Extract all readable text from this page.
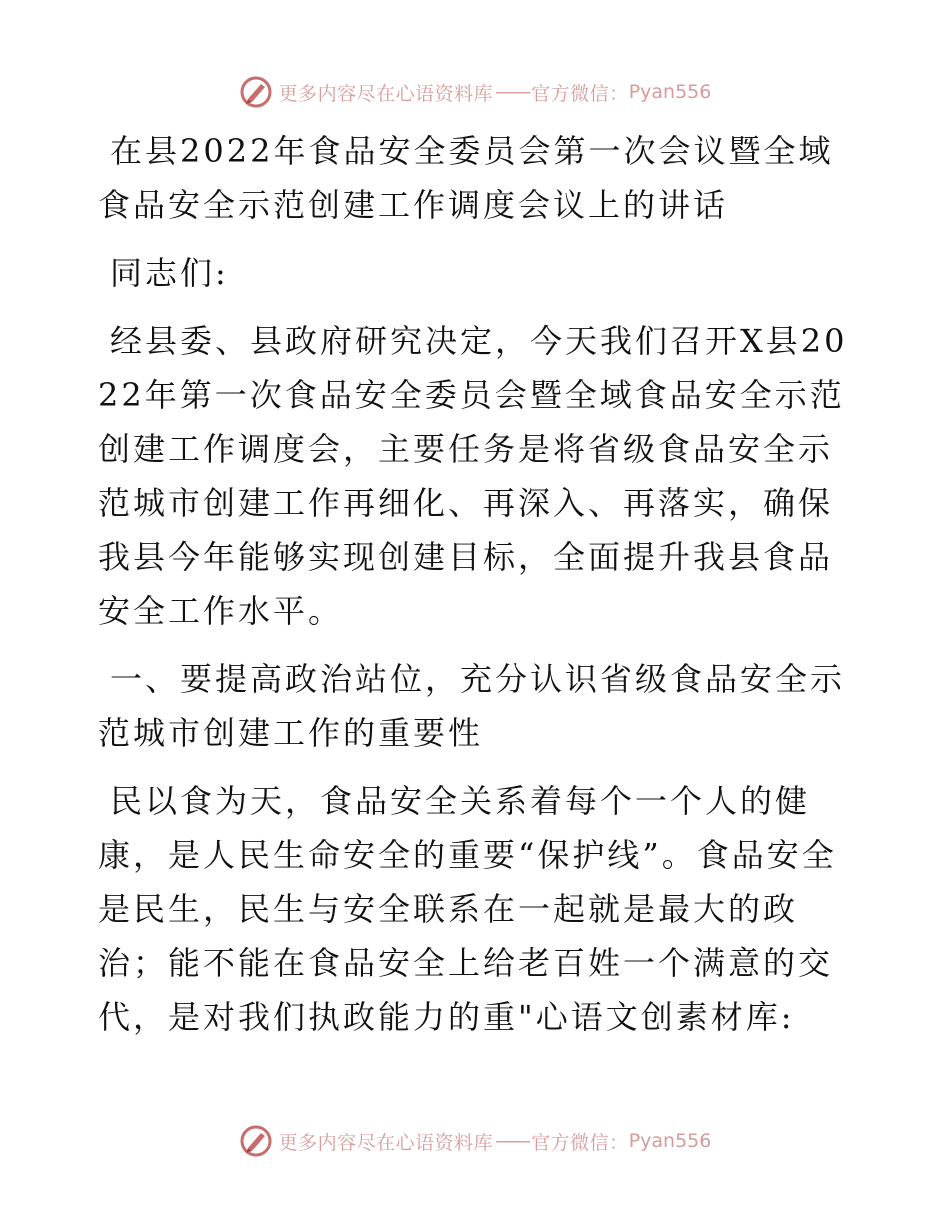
更多内容尽在心语资料库 —— 官方微信： Pyan556

在县2022年食品安全委员会第一次会议暨全域食品安全示范创建工作调度会议上的讲话

同志们:

经县委、县政府研究决定，今天我们召开X县2022年第一次食品安全委员会暨全域食品安全示范创建工作调度会，主要任务是将省级食品安全示范城市创建工作再细化、再深入、再落实，确保我县今年能够实现创建目标，全面提升我县食品安全工作水平。

一、要提高政治站位，充分认识省级食品安全示范城市创建工作的重要性

民以食为天，食品安全关系着每个一个人的健康，是人民生命安全的重要“保护线”。食品安全是民生，民生与安全联系在一起就是最大的政治；能不能在食品安全上给老百姓一个满意的交代，是对我们执政能力的重"心语文创素材库:

更多内容尽在心语资料库 —— 官方微信： Pyan556
